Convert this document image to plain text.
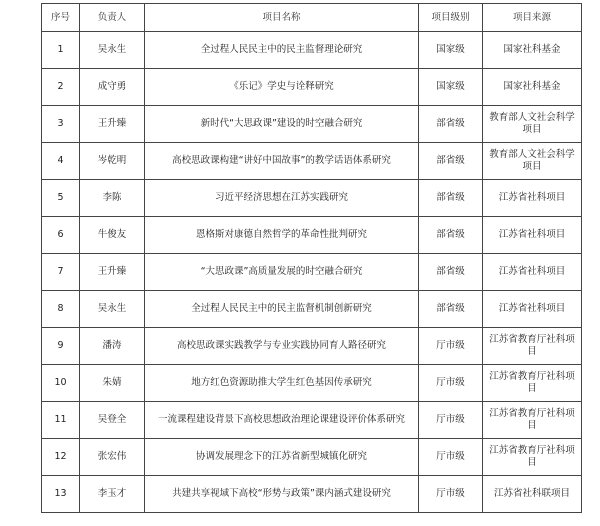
序号	负责人	项目名称	项目级别	项目来源
1	吴永生	全过程人民民主中的民主监督理论研究	国家级	国家社科基金
2	成守勇	《乐记》学史与诠释研究	国家级	国家社科基金
3	王升臻	新时代“大思政课”建设的时空融合研究	部省级	教育部人文社会科学项目
4	岑乾明	高校思政课构建“讲好中国故事”的教学话语体系研究	部省级	教育部人文社会科学项目
5	李陈	习近平经济思想在江苏实践研究	部省级	江苏省社科项目
6	牛俊友	恩格斯对康德自然哲学的革命性批判研究	部省级	江苏省社科项目
7	王升臻	“大思政课”高质量发展的时空融合研究	部省级	江苏省社科项目
8	吴永生	全过程人民民主中的民主监督机制创新研究	部省级	江苏省社科项目
9	潘涛	高校思政课实践教学与专业实践协同育人路径研究	厅市级	江苏省教育厅社科项目
10	朱婧	地方红色资源助推大学生红色基因传承研究	厅市级	江苏省教育厅社科项目
11	吴登全	一流课程建设背景下高校思想政治理论课建设评价体系研究	厅市级	江苏省教育厅社科项目
12	张宏伟	协调发展理念下的江苏省新型城镇化研究	厅市级	江苏省教育厅社科项目
13	李玉才	共建共享视域下高校“形势与政策”课内涵式建设研究	厅市级	江苏省社科联项目
